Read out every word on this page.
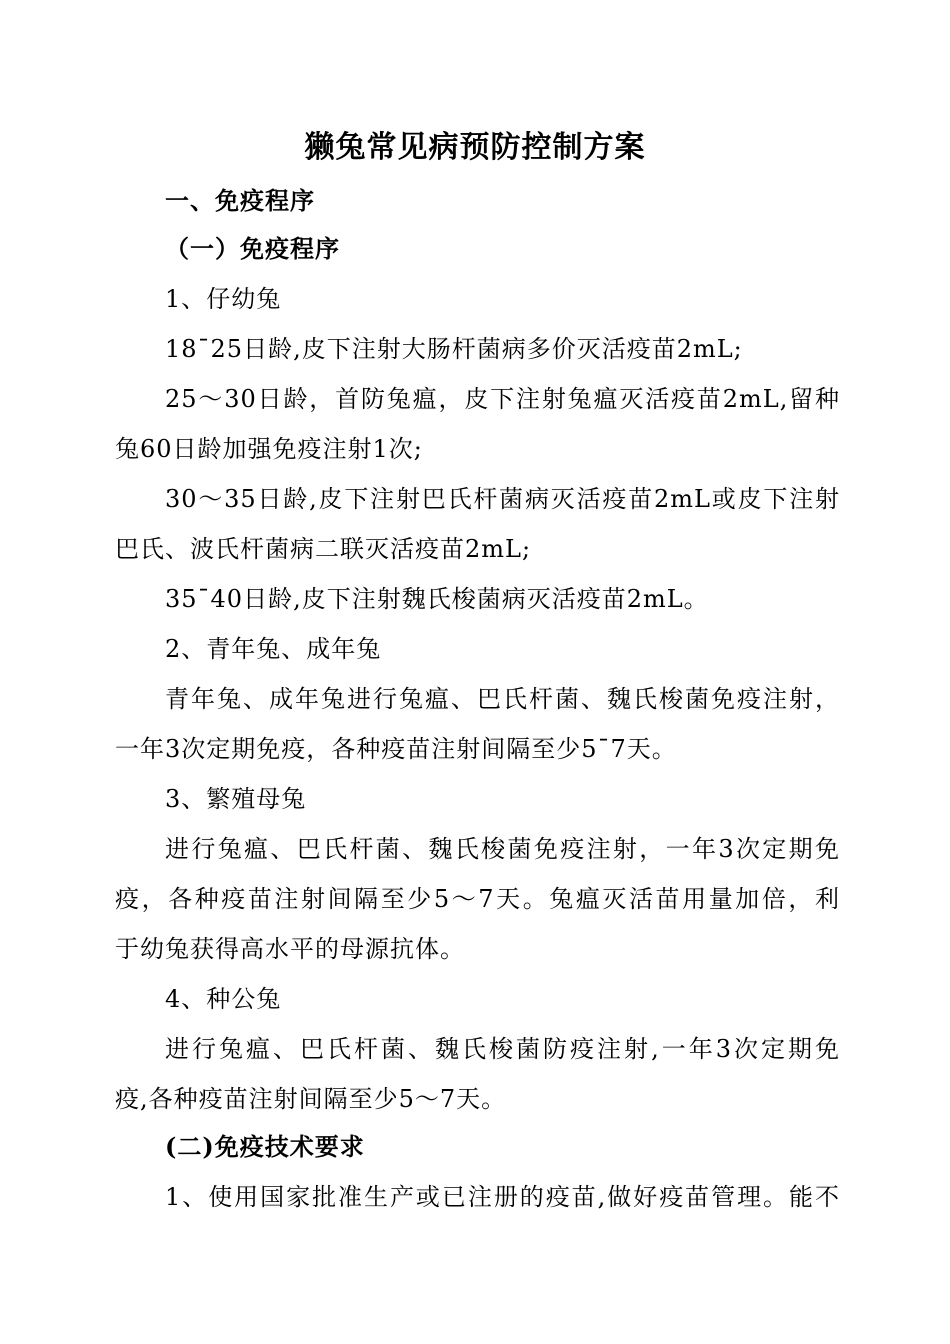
獭兔常见病预防控制方案
一、免疫程序
（一）免疫程序
1、仔幼兔
18¯25日龄,皮下注射大肠杆菌病多价灭活疫苗2mL;
25～30日龄，首防兔瘟，皮下注射兔瘟灭活疫苗2mL,留种
兔60日龄加强免疫注射1次;
30～35日龄,皮下注射巴氏杆菌病灭活疫苗2mL或皮下注射
巴氏、波氏杆菌病二联灭活疫苗2mL;
35¯40日龄,皮下注射魏氏梭菌病灭活疫苗2mL。
2、青年兔、成年兔
青年兔、成年兔进行兔瘟、巴氏杆菌、魏氏梭菌免疫注射，
一年3次定期免疫，各种疫苗注射间隔至少5¯7天。
3、繁殖母兔
进行兔瘟、巴氏杆菌、魏氏梭菌免疫注射，一年3次定期免
疫，各种疫苗注射间隔至少5～7天。兔瘟灭活苗用量加倍，利
于幼兔获得高水平的母源抗体。
4、种公兔
进行兔瘟、巴氏杆菌、魏氏梭菌防疫注射,一年3次定期免
疫,各种疫苗注射间隔至少5～7天。
(二)免疫技术要求
1、使用国家批准生产或已注册的疫苗,做好疫苗管理。能不
